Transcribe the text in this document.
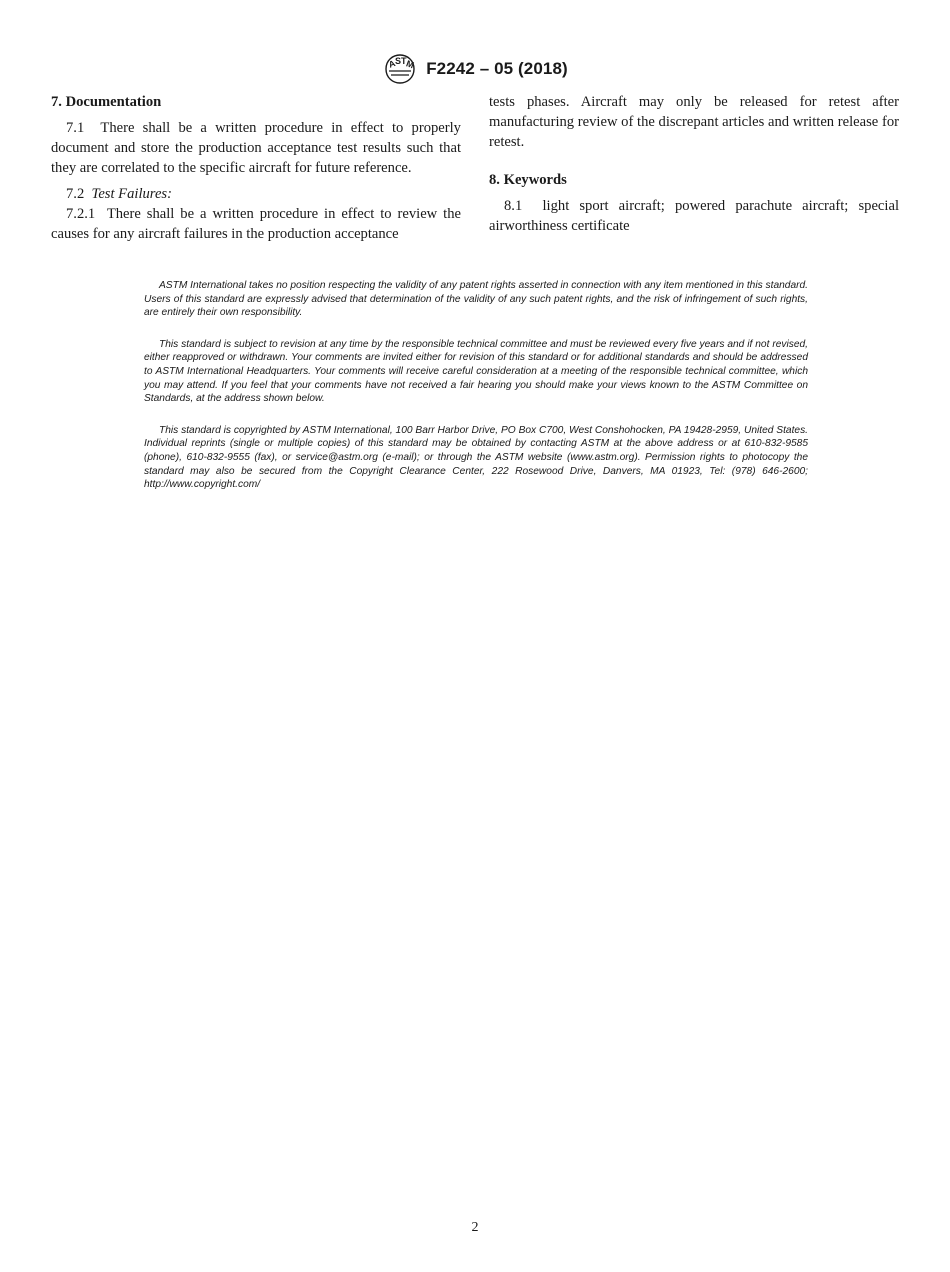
A
S T
M F2242 – 05 (2018)
7. Documentation

7.1 There shall be a written procedure in effect to properly document and store the production acceptance test results such that they are correlated to the specific aircraft for future reference.

7.2 Test Failures:

7.2.1 There shall be a written procedure in effect to review the causes for any aircraft failures in the production acceptance

tests phases. Aircraft may only be released for retest after manufacturing review of the discrepant articles and written release for retest.

8. Keywords

8.1 light sport aircraft; powered parachute aircraft; special airworthiness certificate

ASTM International takes no position respecting the validity of any patent rights asserted in connection with any item mentioned in this standard. Users of this standard are expressly advised that determination of the validity of any such patent rights, and the risk of infringement of such rights, are entirely their own responsibility.

This standard is subject to revision at any time by the responsible technical committee and must be reviewed every five years and if not revised, either reapproved or withdrawn. Your comments are invited either for revision of this standard or for additional standards and should be addressed to ASTM International Headquarters. Your comments will receive careful consideration at a meeting of the responsible technical committee, which you may attend. If you feel that your comments have not received a fair hearing you should make your views known to the ASTM Committee on Standards, at the address shown below.

This standard is copyrighted by ASTM International, 100 Barr Harbor Drive, PO Box C700, West Conshohocken, PA 19428-2959, United States. Individual reprints (single or multiple copies) of this standard may be obtained by contacting ASTM at the above address or at 610-832-9585 (phone), 610-832-9555 (fax), or service@astm.org (e-mail); or through the ASTM website (www.astm.org). Permission rights to photocopy the standard may also be secured from the Copyright Clearance Center, 222 Rosewood Drive, Danvers, MA 01923, Tel: (978) 646-2600; http://www.copyright.com/

2
